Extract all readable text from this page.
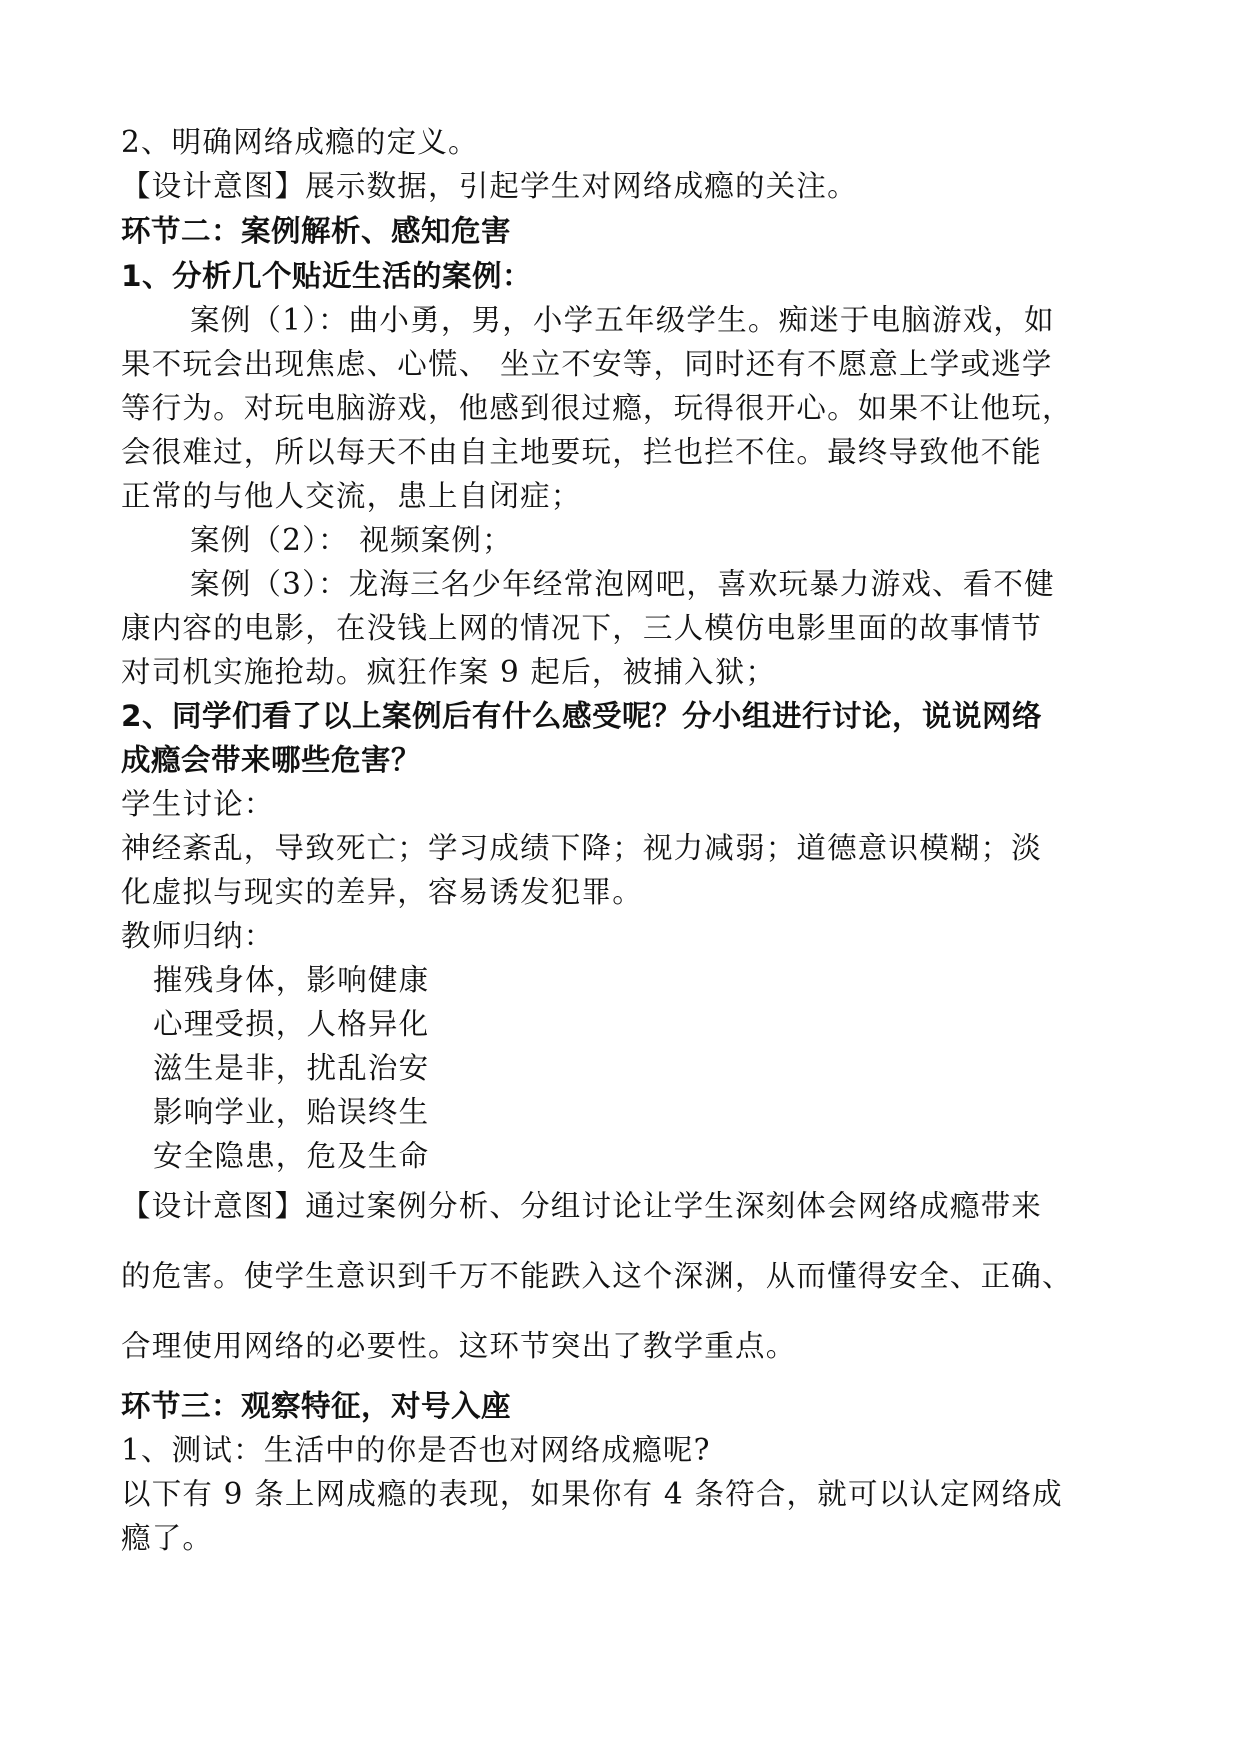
2、明确网络成瘾的定义。
【设计意图】展示数据，引起学生对网络成瘾的关注。
环节二：案例解析、感知危害
1、分析几个贴近生活的案例：
案例（1）：曲小勇，男，小学五年级学生。痴迷于电脑游戏，如
果不玩会出现焦虑、心慌、 坐立不安等，同时还有不愿意上学或逃学
等行为。对玩电脑游戏，他感到很过瘾，玩得很开心。如果不让他玩，
会很难过，所以每天不由自主地要玩，拦也拦不住。最终导致他不能
正常的与他人交流，患上自闭症；
案例（2）： 视频案例；
案例（3）：龙海三名少年经常泡网吧，喜欢玩暴力游戏、看不健
康内容的电影，在没钱上网的情况下，三人模仿电影里面的故事情节
对司机实施抢劫。疯狂作案 9 起后，被捕入狱；
2、同学们看了以上案例后有什么感受呢？分小组进行讨论，说说网络
成瘾会带来哪些危害？
学生讨论：
神经紊乱，导致死亡；学习成绩下降；视力减弱；道德意识模糊；淡
化虚拟与现实的差异，容易诱发犯罪。
教师归纳：
摧残身体，影响健康
心理受损，人格异化
滋生是非，扰乱治安
影响学业，贻误终生
安全隐患，危及生命
【设计意图】通过案例分析、分组讨论让学生深刻体会网络成瘾带来
的危害。使学生意识到千万不能跌入这个深渊，从而懂得安全、正确、
合理使用网络的必要性。这环节突出了教学重点。
环节三：观察特征，对号入座
1、测试：生活中的你是否也对网络成瘾呢?
以下有 9 条上网成瘾的表现，如果你有 4 条符合，就可以认定网络成
瘾了。
